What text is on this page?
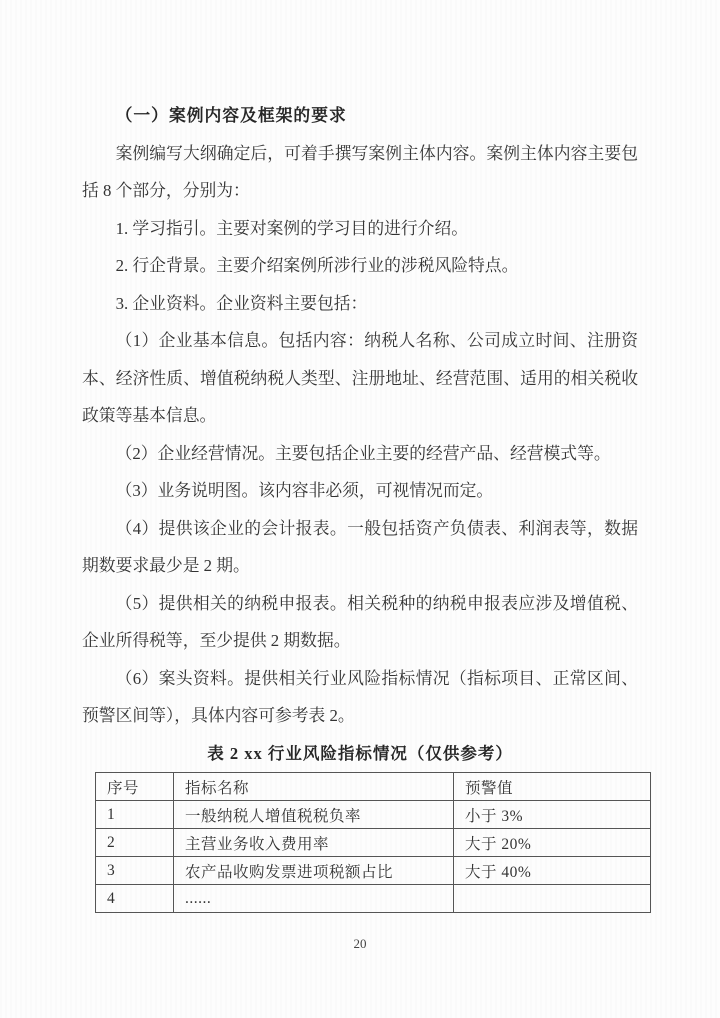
（一）案例内容及框架的要求

案例编写大纲确定后，可着手撰写案例主体内容。案例主体内容主要包括 8 个部分，分别为：

1. 学习指引。主要对案例的学习目的进行介绍。

2. 行企背景。主要介绍案例所涉行业的涉税风险特点。

3. 企业资料。企业资料主要包括：

（1）企业基本信息。包括内容：纳税人名称、公司成立时间、注册资本、经济性质、增值税纳税人类型、注册地址、经营范围、适用的相关税收政策等基本信息。

（2）企业经营情况。主要包括企业主要的经营产品、经营模式等。

（3）业务说明图。该内容非必须，可视情况而定。

（4）提供该企业的会计报表。一般包括资产负债表、利润表等，数据期数要求最少是 2 期。

（5）提供相关的纳税申报表。相关税种的纳税申报表应涉及增值税、企业所得税等，至少提供 2 期数据。

（6）案头资料。提供相关行业风险指标情况（指标项目、正常区间、预警区间等），具体内容可参考表 2。

表 2 xx 行业风险指标情况（仅供参考）
序号	指标名称	预警值
1	一般纳税人增值税税负率	小于 3%
2	主营业务收入费用率	大于 20%
3	农产品收购发票进项税额占比	大于 40%
4	......	
20
